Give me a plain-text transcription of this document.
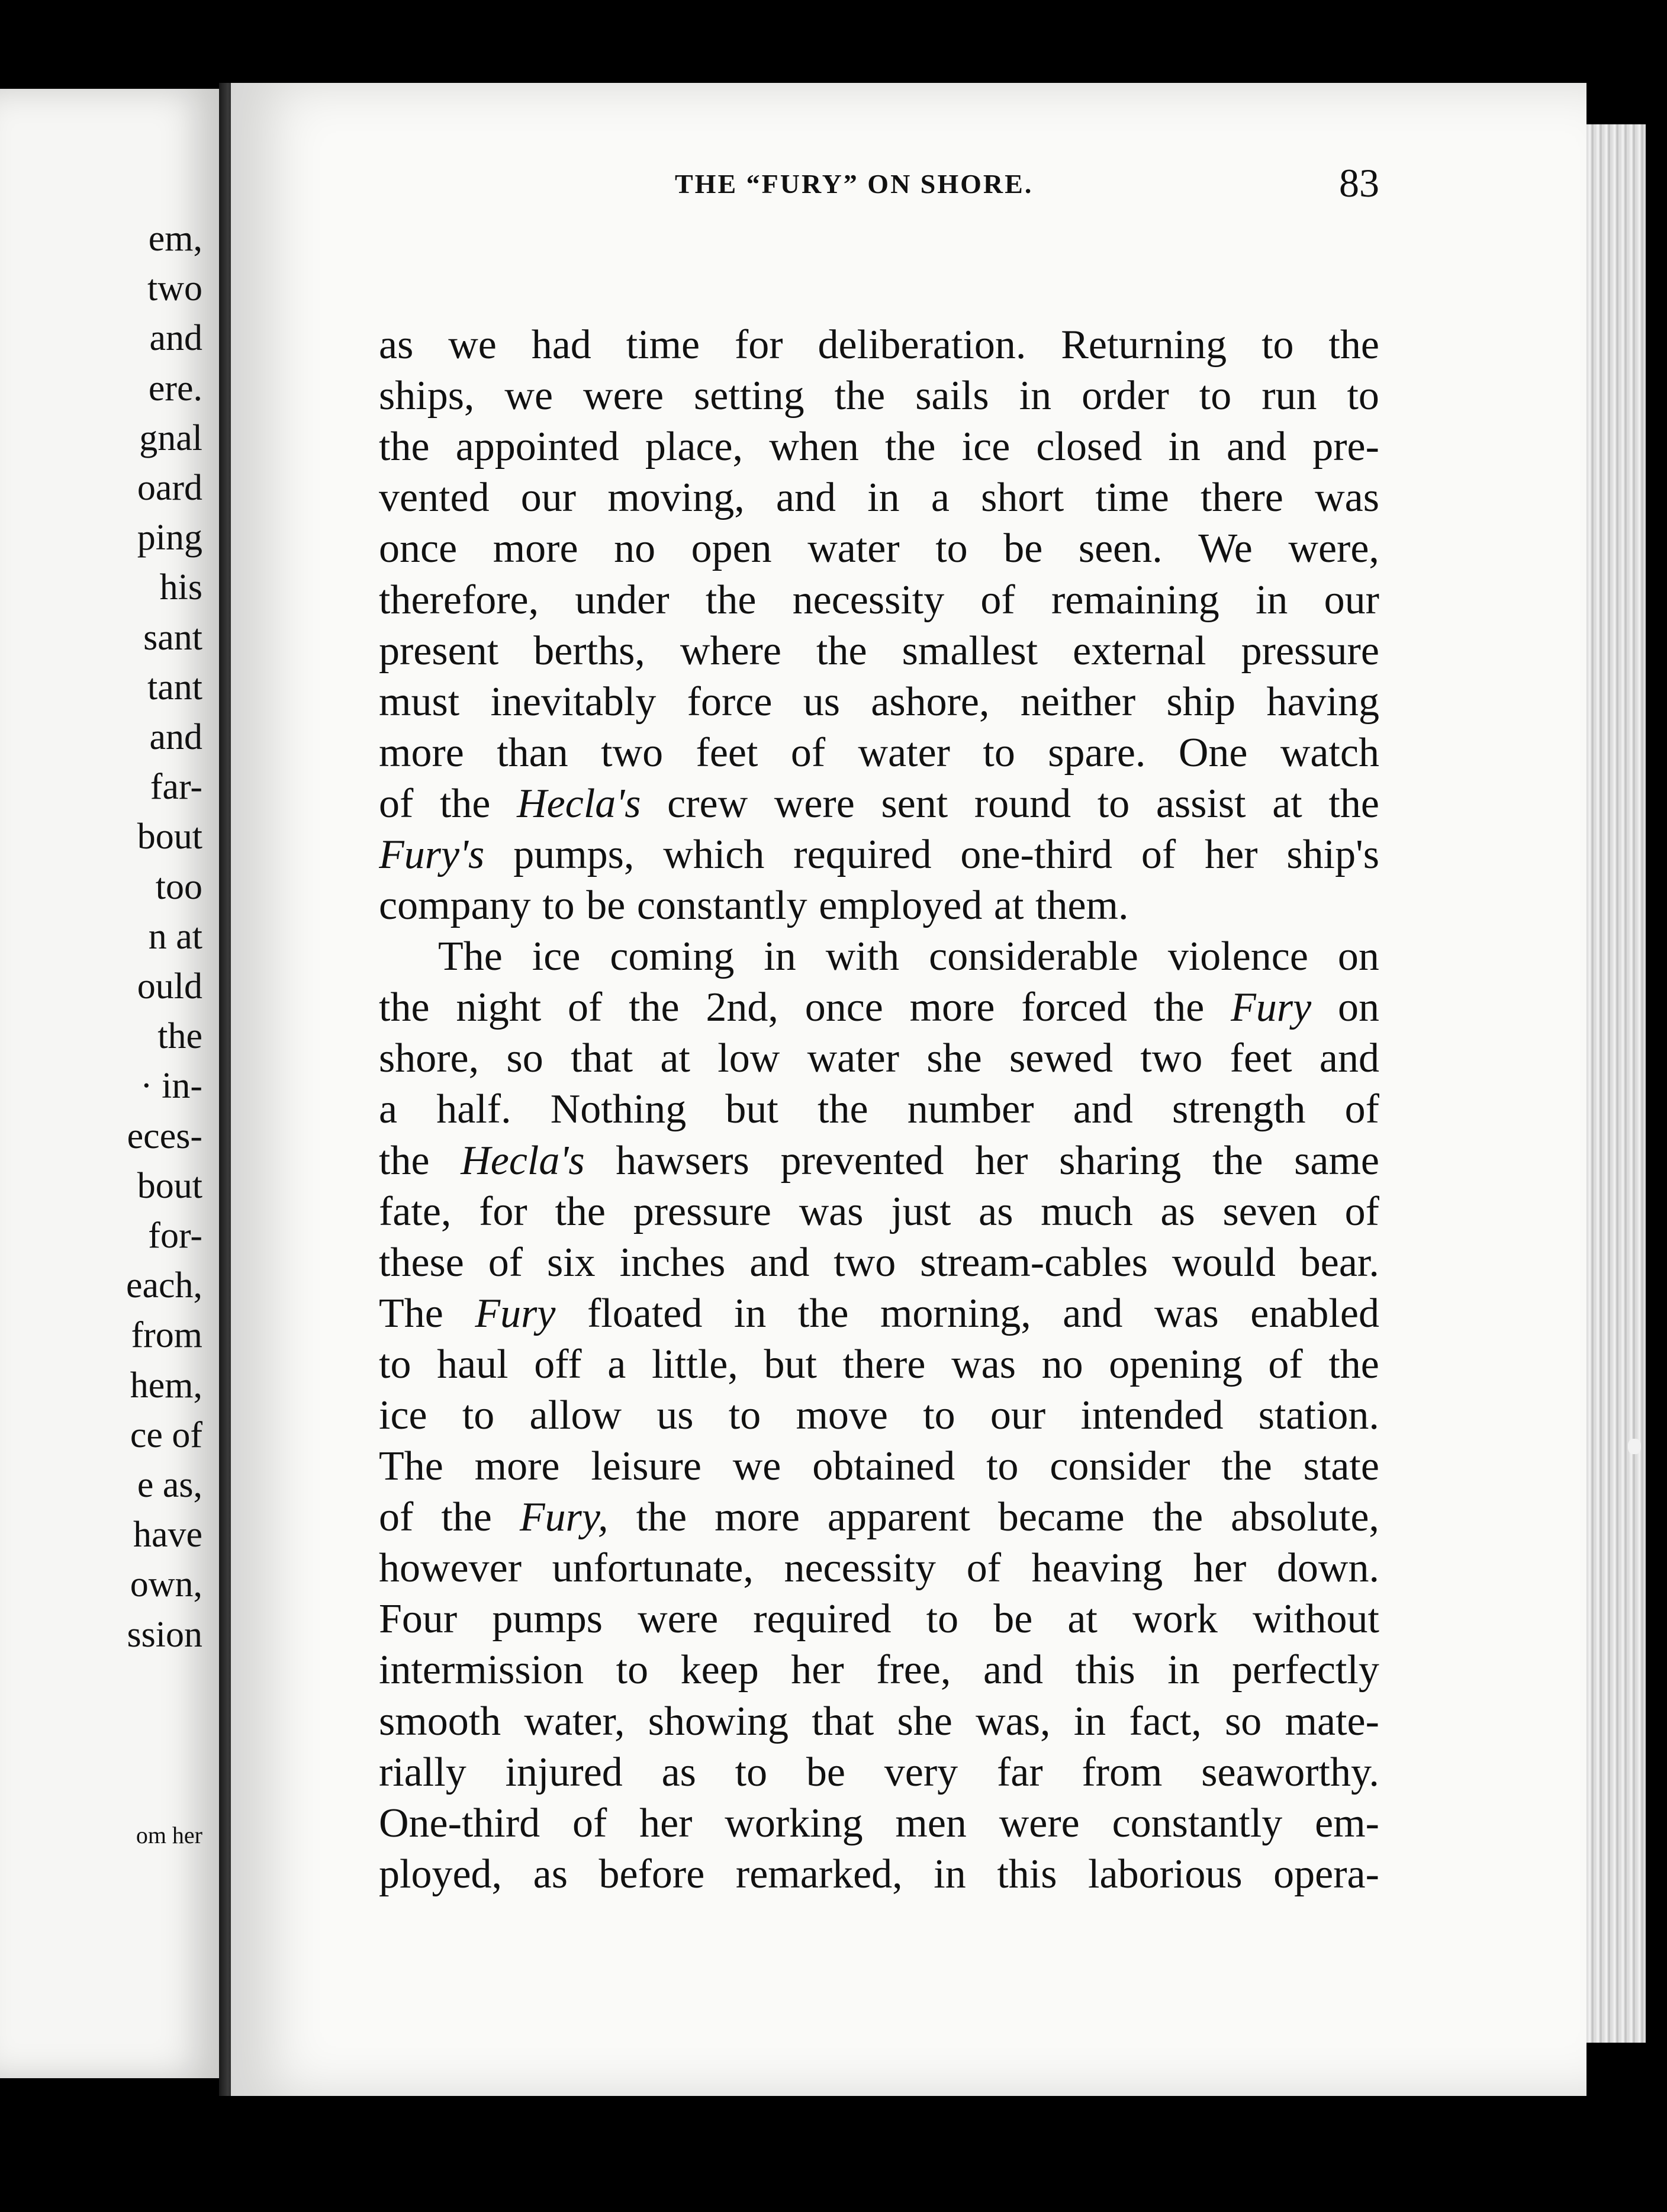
em,
two
and
ere.
gnal
oard
ping
his
sant
tant
and
far-
bout
too
n at
ould
the
· in-
eces-
bout
for-
each,
from
hem,
ce of
e as,
have
own,
ssion
om her
THE “FURY” ON SHORE.	83
as we had time for deliberation. Returning to the
ships, we were setting the sails in order to run to
the appointed place, when the ice closed in and pre-
vented our moving, and in a short time there was
once more no open water to be seen. We were,
therefore, under the necessity of remaining in our
present berths, where the smallest external pressure
must inevitably force us ashore, neither ship having
more than two feet of water to spare. One watch
of the Hecla's crew were sent round to assist at the
Fury's pumps, which required one-third of her ship's
company to be constantly employed at them.
The ice coming in with considerable violence on
the night of the 2nd, once more forced the Fury on
shore, so that at low water she sewed two feet and
a half. Nothing but the number and strength of
the Hecla's hawsers prevented her sharing the same
fate, for the pressure was just as much as seven of
these of six inches and two stream-cables would bear.
The Fury floated in the morning, and was enabled
to haul off a little, but there was no opening of the
ice to allow us to move to our intended station.
The more leisure we obtained to consider the state
of the Fury, the more apparent became the absolute,
however unfortunate, necessity of heaving her down.
Four pumps were required to be at work without
intermission to keep her free, and this in perfectly
smooth water, showing that she was, in fact, so mate-
rially injured as to be very far from seaworthy.
One-third of her working men were constantly em-
ployed, as before remarked, in this laborious opera-
